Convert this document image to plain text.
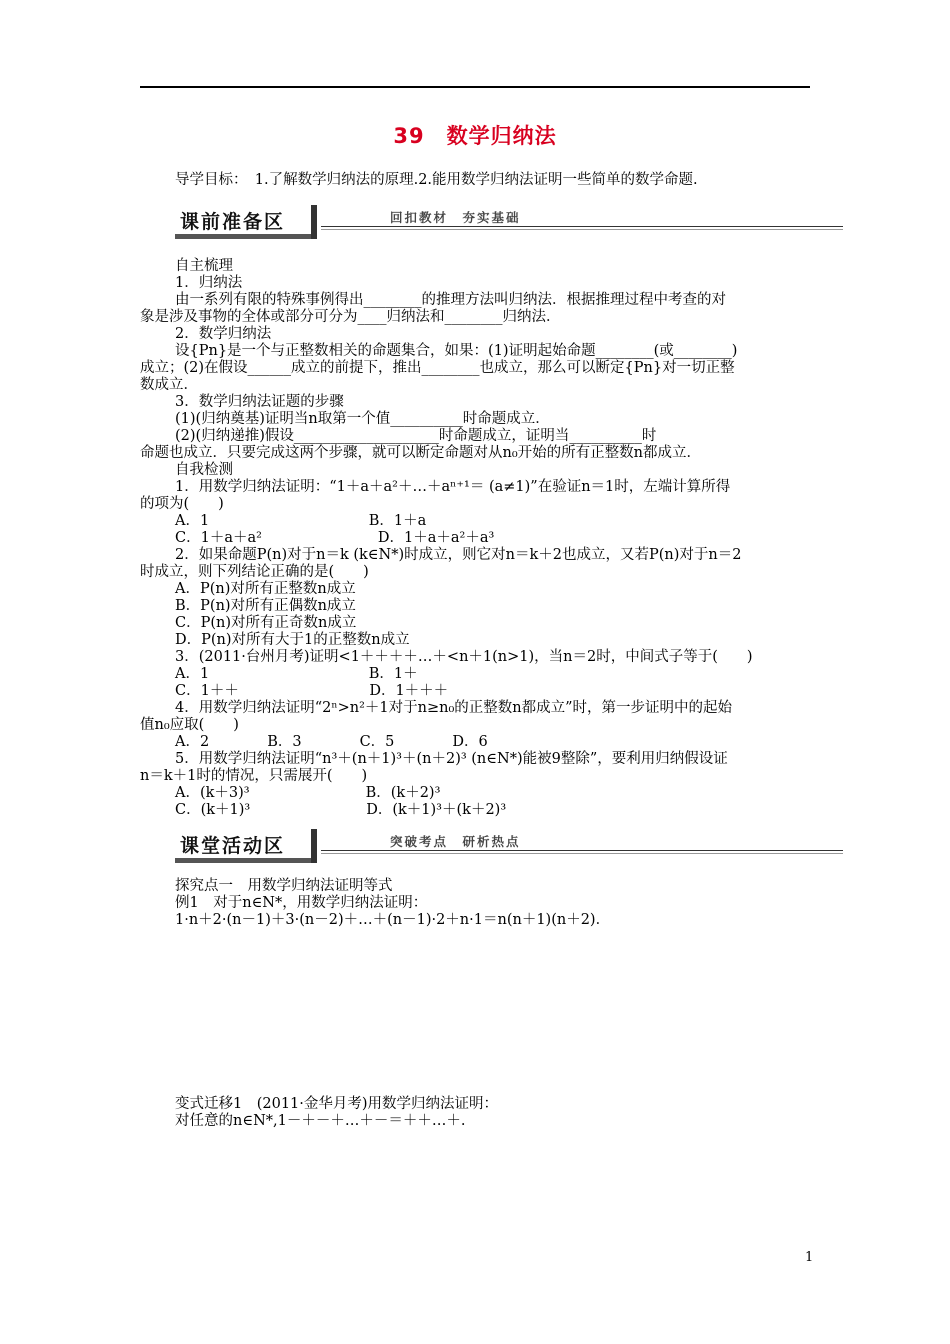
39　数学归纳法
导学目标：　1.了解数学归纳法的原理.2.能用数学归纳法证明一些简单的数学命题.
课前准备区	回扣教材　夯实基础
自主梳理
1．归纳法
由一系列有限的特殊事例得出________的推理方法叫归纳法．根据推理过程中考查的对
象是涉及事物的全体或部分可分为____归纳法和________归纳法．
2．数学归纳法
设{Pn}是一个与正整数相关的命题集合，如果：(1)证明起始命题________(或________)
成立；(2)在假设______成立的前提下，推出________也成立，那么可以断定{Pn}对一切正整
数成立．
3．数学归纳法证题的步骤
(1)(归纳奠基)证明当n取第一个值__________时命题成立．
(2)(归纳递推)假设____________________时命题成立，证明当__________时
命题也成立．只要完成这两个步骤，就可以断定命题对从n₀开始的所有正整数n都成立．
自我检测
1．用数学归纳法证明：“1＋a＋a²＋…＋aⁿ⁺¹＝ (a≠1)”在验证n＝1时，左端计算所得
的项为(　　)
A．1　　　　　　　　　　　B．1＋a
C．1＋a＋a²　　　　　　　　D．1＋a＋a²＋a³
2．如果命题P(n)对于n＝k (k∈N*)时成立，则它对n＝k＋2也成立，又若P(n)对于n＝2
时成立，则下列结论正确的是(　　)
A．P(n)对所有正整数n成立
B．P(n)对所有正偶数n成立
C．P(n)对所有正奇数n成立
D．P(n)对所有大于1的正整数n成立
3．(2011·台州月考)证明<1＋＋＋＋…＋<n＋1(n>1)，当n＝2时，中间式子等于(　　)
A．1　　　　　　　　　　　B．1＋
C．1＋＋　　　　　　　　　D．1＋＋＋
4．用数学归纳法证明“2ⁿ>n²＋1对于n≥n₀的正整数n都成立”时，第一步证明中的起始
值n₀应取(　　)
A．2　　　　B．3　　　　C．5　　　　D．6
5．用数学归纳法证明“n³＋(n＋1)³＋(n＋2)³ (n∈N*)能被9整除”，要利用归纳假设证
n＝k＋1时的情况，只需展开(　　)
A．(k＋3)³　　　　　　　　B．(k＋2)³
C．(k＋1)³　　　　　　　　D．(k＋1)³＋(k＋2)³
课堂活动区	突破考点　研析热点
探究点一　用数学归纳法证明等式
例1　对于n∈N*，用数学归纳法证明：
1·n＋2·(n－1)＋3·(n－2)＋…＋(n－1)·2＋n·1＝n(n＋1)(n＋2)．
变式迁移1　(2011·金华月考)用数学归纳法证明：
对任意的n∈N*,1－＋－＋…＋－＝＋＋…＋.
1
